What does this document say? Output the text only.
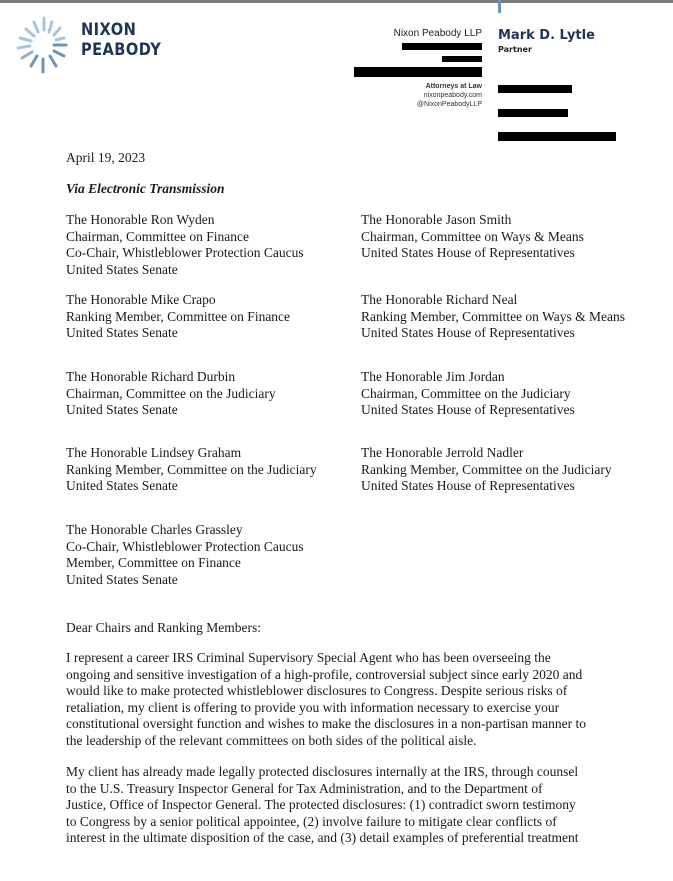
NIXON
PEABODY
Nixon Peabody LLP
Attorneys at Law
nixonpeabody.com
@NixonPeabodyLLP
Mark D. Lytle
Partner
April 19, 2023
Via Electronic Transmission
The Honorable Ron Wyden
Chairman, Committee on Finance
Co-Chair, Whistleblower Protection Caucus
United States Senate
The Honorable Mike Crapo
Ranking Member, Committee on Finance
United States Senate
The Honorable Richard Durbin
Chairman, Committee on the Judiciary
United States Senate
The Honorable Lindsey Graham
Ranking Member, Committee on the Judiciary
United States Senate
The Honorable Charles Grassley
Co-Chair, Whistleblower Protection Caucus
Member, Committee on Finance
United States Senate
The Honorable Jason Smith
Chairman, Committee on Ways & Means
United States House of Representatives
The Honorable Richard Neal
Ranking Member, Committee on Ways & Means
United States House of Representatives
The Honorable Jim Jordan
Chairman, Committee on the Judiciary
United States House of Representatives
The Honorable Jerrold Nadler
Ranking Member, Committee on the Judiciary
United States House of Representatives
Dear Chairs and Ranking Members:
I represent a career IRS Criminal Supervisory Special Agent who has been overseeing the
ongoing and sensitive investigation of a high-profile, controversial subject since early 2020 and
would like to make protected whistleblower disclosures to Congress. Despite serious risks of
retaliation, my client is offering to provide you with information necessary to exercise your
constitutional oversight function and wishes to make the disclosures in a non-partisan manner to
the leadership of the relevant committees on both sides of the political aisle.
My client has already made legally protected disclosures internally at the IRS, through counsel
to the U.S. Treasury Inspector General for Tax Administration, and to the Department of
Justice, Office of Inspector General. The protected disclosures: (1) contradict sworn testimony
to Congress by a senior political appointee, (2) involve failure to mitigate clear conflicts of
interest in the ultimate disposition of the case, and (3) detail examples of preferential treatment
